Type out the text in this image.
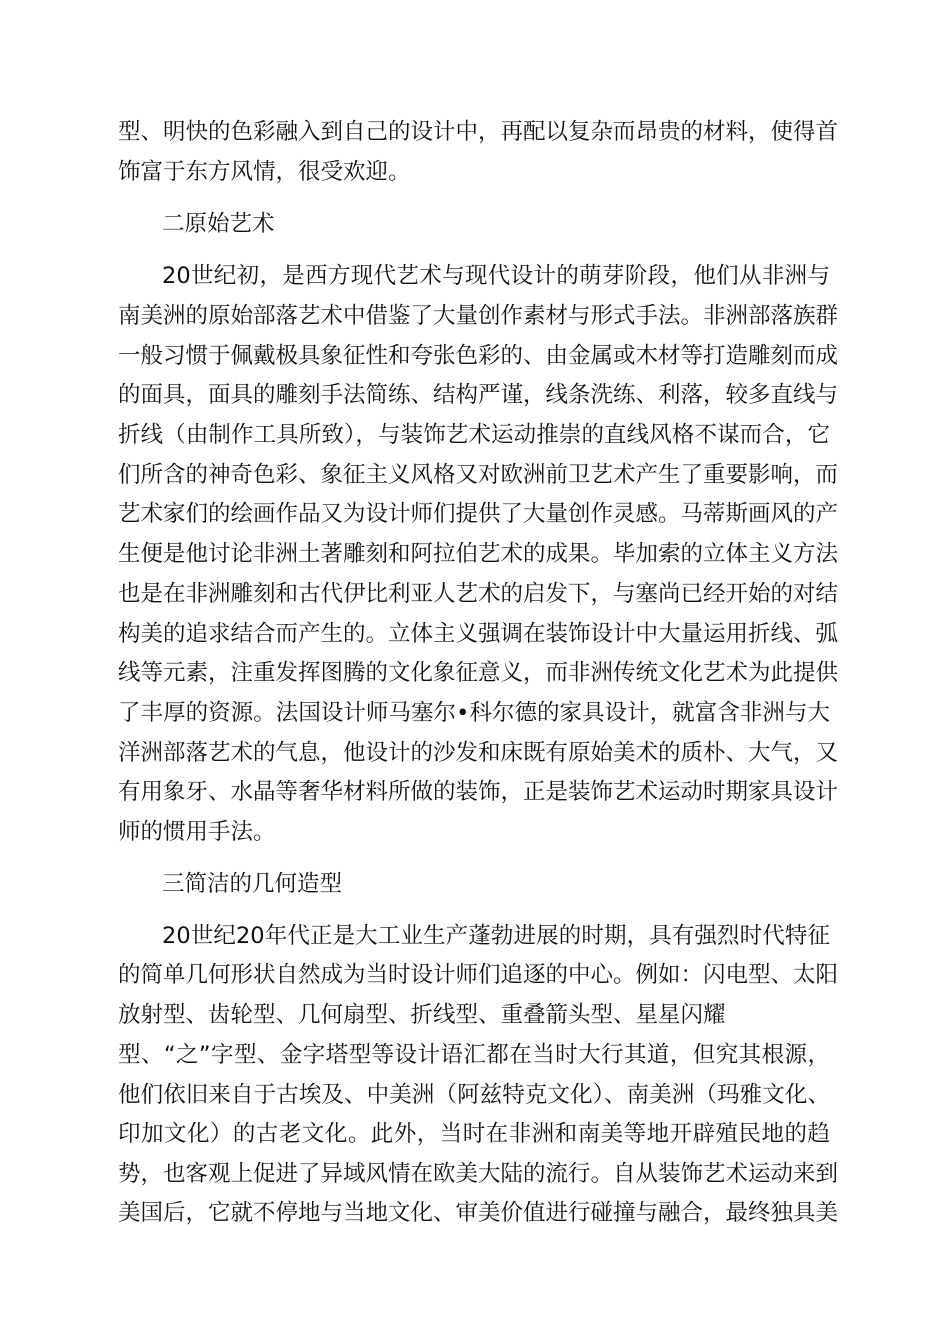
型、明快的色彩融入到自己的设计中，再配以复杂而昂贵的材料，使得首
饰富于东方风情，很受欢迎。
二原始艺术
20世纪初，是西方现代艺术与现代设计的萌芽阶段，他们从非洲与
南美洲的原始部落艺术中借鉴了大量创作素材与形式手法。非洲部落族群
一般习惯于佩戴极具象征性和夸张色彩的、由金属或木材等打造雕刻而成
的面具，面具的雕刻手法简练、结构严谨，线条洗练、利落，较多直线与
折线（由制作工具所致），与装饰艺术运动推崇的直线风格不谋而合，它
们所含的神奇色彩、象征主义风格又对欧洲前卫艺术产生了重要影响，而
艺术家们的绘画作品又为设计师们提供了大量创作灵感。马蒂斯画风的产
生便是他讨论非洲土著雕刻和阿拉伯艺术的成果。毕加索的立体主义方法
也是在非洲雕刻和古代伊比利亚人艺术的启发下，与塞尚已经开始的对结
构美的追求结合而产生的。立体主义强调在装饰设计中大量运用折线、弧
线等元素，注重发挥图腾的文化象征意义，而非洲传统文化艺术为此提供
了丰厚的资源。法国设计师马塞尔•科尔德的家具设计，就富含非洲与大
洋洲部落艺术的气息，他设计的沙发和床既有原始美术的质朴、大气，又
有用象牙、水晶等奢华材料所做的装饰，正是装饰艺术运动时期家具设计
师的惯用手法。
三简洁的几何造型
20世纪20年代正是大工业生产蓬勃进展的时期，具有强烈时代特征
的简单几何形状自然成为当时设计师们追逐的中心。例如：闪电型、太阳
放射型、齿轮型、几何扇型、折线型、重叠箭头型、星星闪耀
型、“之”字型、金字塔型等设计语汇都在当时大行其道，但究其根源，
他们依旧来自于古埃及、中美洲（阿兹特克文化）、南美洲（玛雅文化、
印加文化）的古老文化。此外，当时在非洲和南美等地开辟殖民地的趋
势，也客观上促进了异域风情在欧美大陆的流行。自从装饰艺术运动来到
美国后，它就不停地与当地文化、审美价值进行碰撞与融合，最终独具美
